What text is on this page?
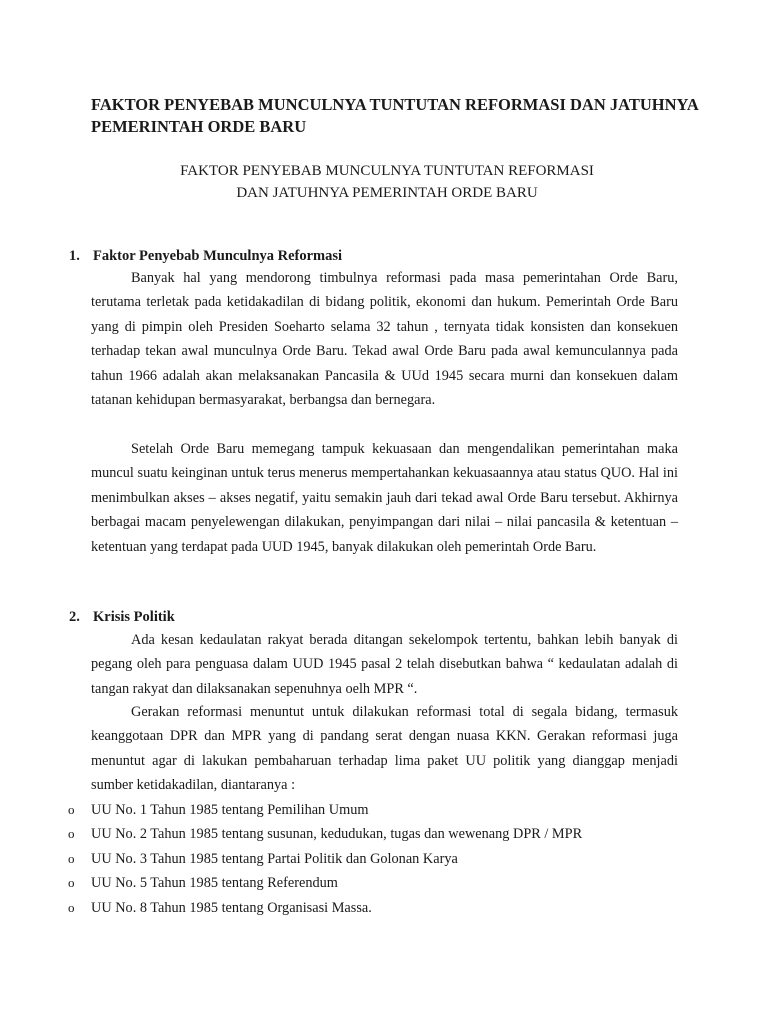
FAKTOR PENYEBAB MUNCULNYA TUNTUTAN REFORMASI DAN JATUHNYA PEMERINTAH ORDE BARU
FAKTOR PENYEBAB MUNCULNYA TUNTUTAN REFORMASI
DAN JATUHNYA PEMERINTAH ORDE BARU
1. Faktor Penyebab Munculnya Reformasi
Banyak hal yang mendorong timbulnya reformasi pada masa pemerintahan Orde Baru, terutama terletak pada ketidakadilan di bidang politik, ekonomi dan hukum. Pemerintah Orde Baru yang di pimpin oleh Presiden Soeharto selama 32 tahun , ternyata tidak konsisten dan konsekuen terhadap tekan awal munculnya Orde Baru. Tekad awal Orde Baru pada awal kemunculannya pada tahun 1966 adalah akan melaksanakan Pancasila & UUd 1945 secara murni dan konsekuen dalam tatanan kehidupan bermasyarakat, berbangsa dan bernegara.
Setelah Orde Baru memegang tampuk kekuasaan dan mengendalikan pemerintahan maka muncul suatu keinginan untuk terus menerus mempertahankan kekuasaannya atau status QUO. Hal ini menimbulkan akses – akses negatif, yaitu semakin jauh dari tekad awal Orde Baru tersebut. Akhirnya berbagai macam penyelewengan dilakukan, penyimpangan dari nilai – nilai pancasila & ketentuan – ketentuan yang terdapat pada UUD 1945, banyak dilakukan oleh pemerintah Orde Baru.
2. Krisis Politik
Ada kesan kedaulatan rakyat berada ditangan sekelompok tertentu, bahkan lebih banyak di pegang oleh para penguasa dalam UUD 1945 pasal 2 telah disebutkan bahwa “ kedaulatan adalah di tangan rakyat dan dilaksanakan sepenuhnya oelh MPR “.
Gerakan reformasi menuntut untuk dilakukan reformasi total di segala bidang, termasuk keanggotaan DPR dan MPR yang di pandang serat dengan nuasa KKN. Gerakan reformasi juga menuntut agar di lakukan pembaharuan terhadap lima paket UU politik yang dianggap menjadi sumber ketidakadilan, diantaranya :
o UU No. 1 Tahun 1985 tentang Pemilihan Umum
o UU No. 2 Tahun 1985 tentang susunan, kedudukan, tugas dan wewenang DPR / MPR
o UU No. 3 Tahun 1985 tentang Partai Politik dan Golonan Karya
o UU No. 5 Tahun 1985 tentang Referendum
o UU No. 8 Tahun 1985 tentang Organisasi Massa.
